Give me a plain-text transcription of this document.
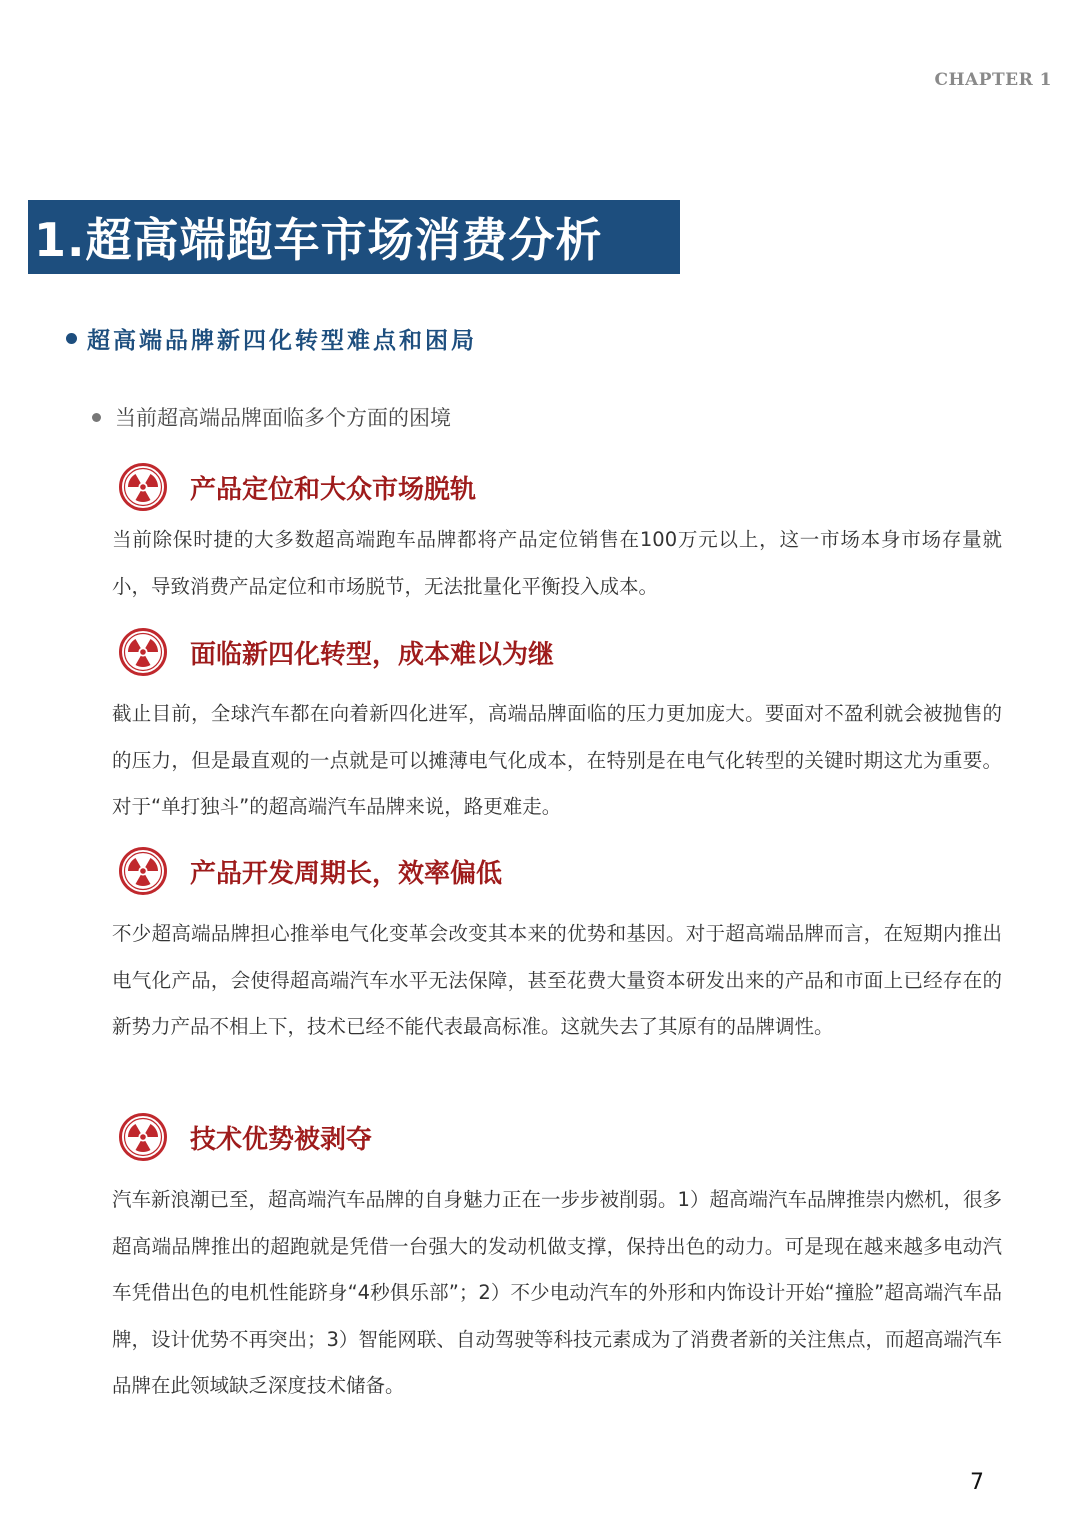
CHAPTER 1
1.超高端跑车市场消费分析
超高端品牌新四化转型难点和困局
当前超高端品牌面临多个方面的困境
产品定位和大众市场脱轨

当前除保时捷的大多数超高端跑车品牌都将产品定位销售在100万元以上，这一市场本身市场存量就小，导致消费产品定位和市场脱节，无法批量化平衡投入成本。

面临新四化转型，成本难以为继

截止目前，全球汽车都在向着新四化进军，高端品牌面临的压力更加庞大。要面对不盈利就会被抛售的的压力，但是最直观的一点就是可以摊薄电气化成本，在特别是在电气化转型的关键时期这尤为重要。对于“单打独斗”的超高端汽车品牌来说，路更难走。

产品开发周期长，效率偏低

不少超高端品牌担心推举电气化变革会改变其本来的优势和基因。对于超高端品牌而言，在短期内推出电气化产品，会使得超高端汽车水平无法保障，甚至花费大量资本研发出来的产品和市面上已经存在的新势力产品不相上下，技术已经不能代表最高标准。这就失去了其原有的品牌调性。

技术优势被剥夺

汽车新浪潮已至，超高端汽车品牌的自身魅力正在一步步被削弱。1）超高端汽车品牌推崇内燃机，很多超高端品牌推出的超跑就是凭借一台强大的发动机做支撑，保持出色的动力。可是现在越来越多电动汽车凭借出色的电机性能跻身“4秒俱乐部”；2）不少电动汽车的外形和内饰设计开始“撞脸”超高端汽车品牌，设计优势不再突出；3）智能网联、自动驾驶等科技元素成为了消费者新的关注焦点，而超高端汽车品牌在此领域缺乏深度技术储备。

7
